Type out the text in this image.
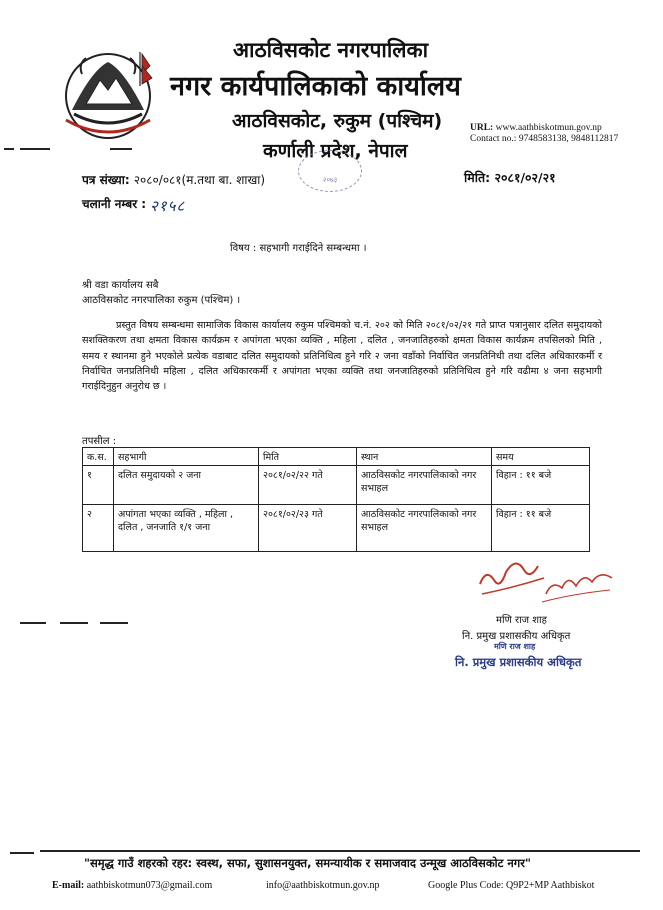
आठविसकोट नगरपालिका
नगर कार्यपालिकाको कार्यालय
आठविसकोट, रुकुम (पश्चिम)
कर्णाली प्रदेश, नेपाल
URL: www.aathbiskotmun.gov.np
Contact no.: 9748583138, 9848112817
२०७३
पत्र संख्या: २०८०/०८१(म.तथा बा. शाखा)	मिति: २०८१/०२/२१
चलानी नम्बर : २१५८
विषय : सहभागी गराईदिने सम्बन्धमा ।
श्री वडा कार्यालय सबै
आठविसकोट नगरपालिका रुकुम (पश्चिम) ।
प्रस्तुत विषय सम्बन्धमा सामाजिक विकास कार्यालय रुकुम पश्चिमको च.नं. २०२ को मिति २०८१/०२/२१ गते प्राप्त पत्रानुसार दलित समुदायको सशक्तिकरण तथा क्षमता विकास कार्यक्रम र अपांगता भएका व्यक्ति , महिला , दलित , जनजातिहरुको क्षमता विकास कार्यक्रम तपसिलको मिति , समय र स्थानमा हुने भएकोले प्रत्येक वडाबाट दलित समुदायको प्रतिनिधित्व हुने गरि २ जना वडाँको निर्वाचित जनप्रतिनिधी तथा दलित अधिकारकर्मी र निर्वाचित जनप्रतिनिधी महिला , दलित अधिकारकर्मी र अपांगता भएका व्यक्ति तथा जनजातिहरुको प्रतिनिधित्व हुने गरि वढीमा ४ जना सहभागी गराईदिनुहुन अनुरोध छ ।
तपसील :
क.स.	सहभागी	मिति	स्थान	समय
१	दलित समुदायको २ जना	२०८१/०२/२२ गते	आठविसकोट नगरपालिकाको नगर सभाहल	विहान : ११ बजे
२	अपांगता भएका व्यक्ति , महिला , दलित , जनजाति १/१ जना	२०८१/०२/२३ गते	आठविसकोट नगरपालिकाको नगर सभाहल	विहान : ११ बजे
मणि राज शाह
नि. प्रमुख प्रशासकीय अधिकृत
मणि राज शाह
नि. प्रमुख प्रशासकीय अधिकृत
"समृद्ध गाउँ शहरको रहर: स्वस्थ, सफा, सुशासनयुक्त, समन्यायीक र समाजवाद उन्मूख आठविसकोट नगर"
E-mail: aathbiskotmun073@gmail.com	info@aathbiskotmun.gov.np	Google Plus Code: Q9P2+MP Aathbiskot
